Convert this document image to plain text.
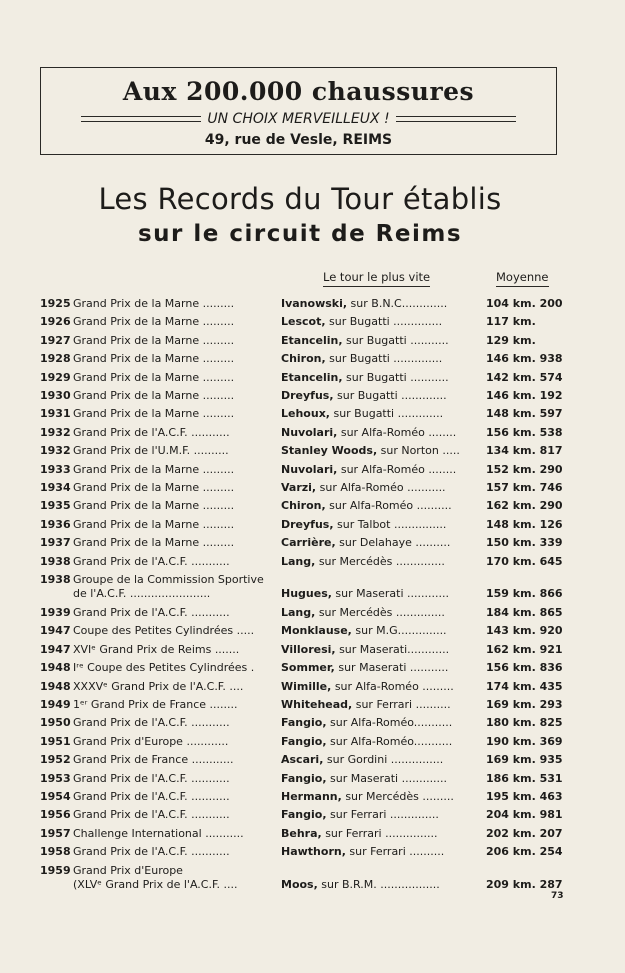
Aux 200.000 chaussures
UN CHOIX MERVEILLEUX !
49, rue de Vesle, REIMS
Les Records du Tour établis
sur le circuit de Reims
Le tour le plus vite	Moyenne
1925 Grand Prix de la Marne .........	Ivanowski, sur B.N.C.............	104 km. 200
1926 Grand Prix de la Marne .........	Lescot, sur Bugatti ..............	117 km.
1927 Grand Prix de la Marne .........	Etancelin, sur Bugatti ...........	129 km.
1928 Grand Prix de la Marne .........	Chiron, sur Bugatti ..............	146 km. 938
1929 Grand Prix de la Marne .........	Etancelin, sur Bugatti ...........	142 km. 574
1930 Grand Prix de la Marne .........	Dreyfus, sur Bugatti .............	146 km. 192
1931 Grand Prix de la Marne .........	Lehoux, sur Bugatti .............	148 km. 597
1932 Grand Prix de l'A.C.F. ...........	Nuvolari, sur Alfa-Roméo ........	156 km. 538
1932 Grand Prix de l'U.M.F. ..........	Stanley Woods, sur Norton .....	134 km. 817
1933 Grand Prix de la Marne .........	Nuvolari, sur Alfa-Roméo ........	152 km. 290
1934 Grand Prix de la Marne .........	Varzi, sur Alfa-Roméo ...........	157 km. 746
1935 Grand Prix de la Marne .........	Chiron, sur Alfa-Roméo ..........	162 km. 290
1936 Grand Prix de la Marne .........	Dreyfus, sur Talbot ...............	148 km. 126
1937 Grand Prix de la Marne .........	Carrière, sur Delahaye ..........	150 km. 339
1938 Grand Prix de l'A.C.F. ...........	Lang, sur Mercédès ..............	170 km. 645
1938 Groupe de la Commission Sportive
de l'A.C.F. .......................	Hugues, sur Maserati ............	159 km. 866
1939 Grand Prix de l'A.C.F. ...........	Lang, sur Mercédès ..............	184 km. 865
1947 Coupe des Petites Cylindrées .....	Monklause, sur M.G..............	143 km. 920
1947 XVIᵉ Grand Prix de Reims .......	Villoresi, sur Maserati............	162 km. 921
1948 Iʳᵉ Coupe des Petites Cylindrées .	Sommer, sur Maserati ...........	156 km. 836
1948 XXXVᵉ Grand Prix de l'A.C.F. ....	Wimille, sur Alfa-Roméo .........	174 km. 435
1949 1ᵉʳ Grand Prix de France ........	Whitehead, sur Ferrari ..........	169 km. 293
1950 Grand Prix de l'A.C.F. ...........	Fangio, sur Alfa-Roméo...........	180 km. 825
1951 Grand Prix d'Europe ............	Fangio, sur Alfa-Roméo...........	190 km. 369
1952 Grand Prix de France ............	Ascari, sur Gordini ...............	169 km. 935
1953 Grand Prix de l'A.C.F. ...........	Fangio, sur Maserati .............	186 km. 531
1954 Grand Prix de l'A.C.F. ...........	Hermann, sur Mercédès .........	195 km. 463
1956 Grand Prix de l'A.C.F. ...........	Fangio, sur Ferrari ..............	204 km. 981
1957 Challenge International ...........	Behra, sur Ferrari ...............	202 km. 207
1958 Grand Prix de l'A.C.F. ...........	Hawthorn, sur Ferrari ..........	206 km. 254
1959 Grand Prix d'Europe
(XLVᵉ Grand Prix de l'A.C.F. ....	Moos, sur B.R.M. .................	209 km. 287
73
